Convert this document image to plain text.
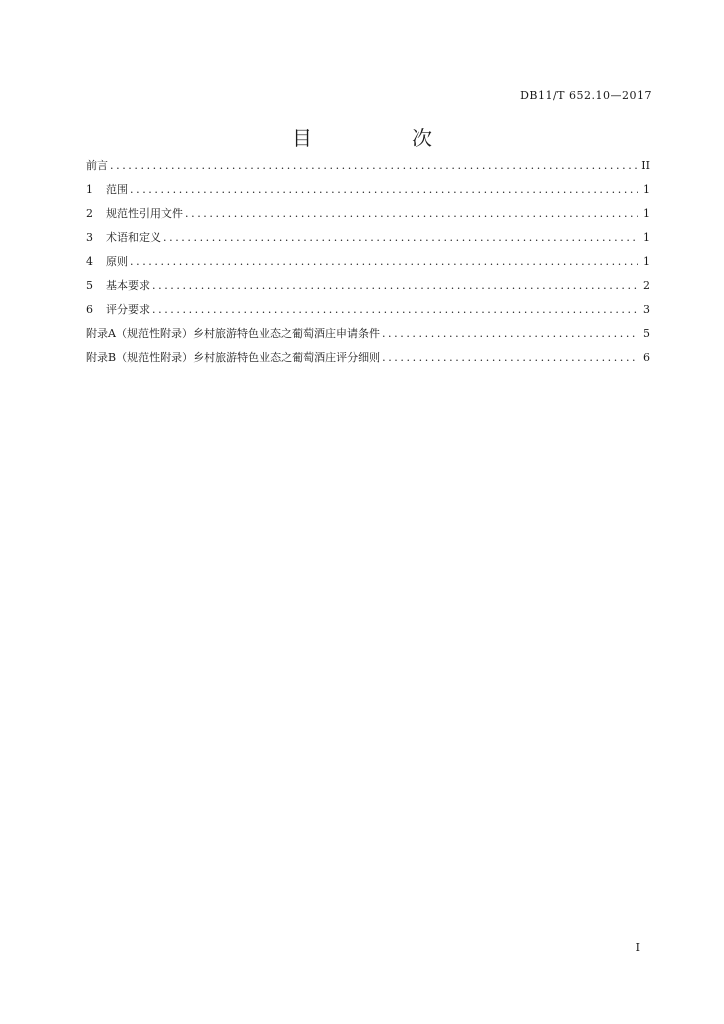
DB11/T 652.10—2017
目　次
前言 .....	II
1	范围 .....	1
2	规范性引用文件 .....	1
3	术语和定义 .....	1
4	原则 .....	1
5	基本要求 .....	2
6	评分要求 .....	3
附录A（规范性附录）乡村旅游特色业态之葡萄酒庄申请条件 .....	5
附录B（规范性附录）乡村旅游特色业态之葡萄酒庄评分细则 .....	6
I
